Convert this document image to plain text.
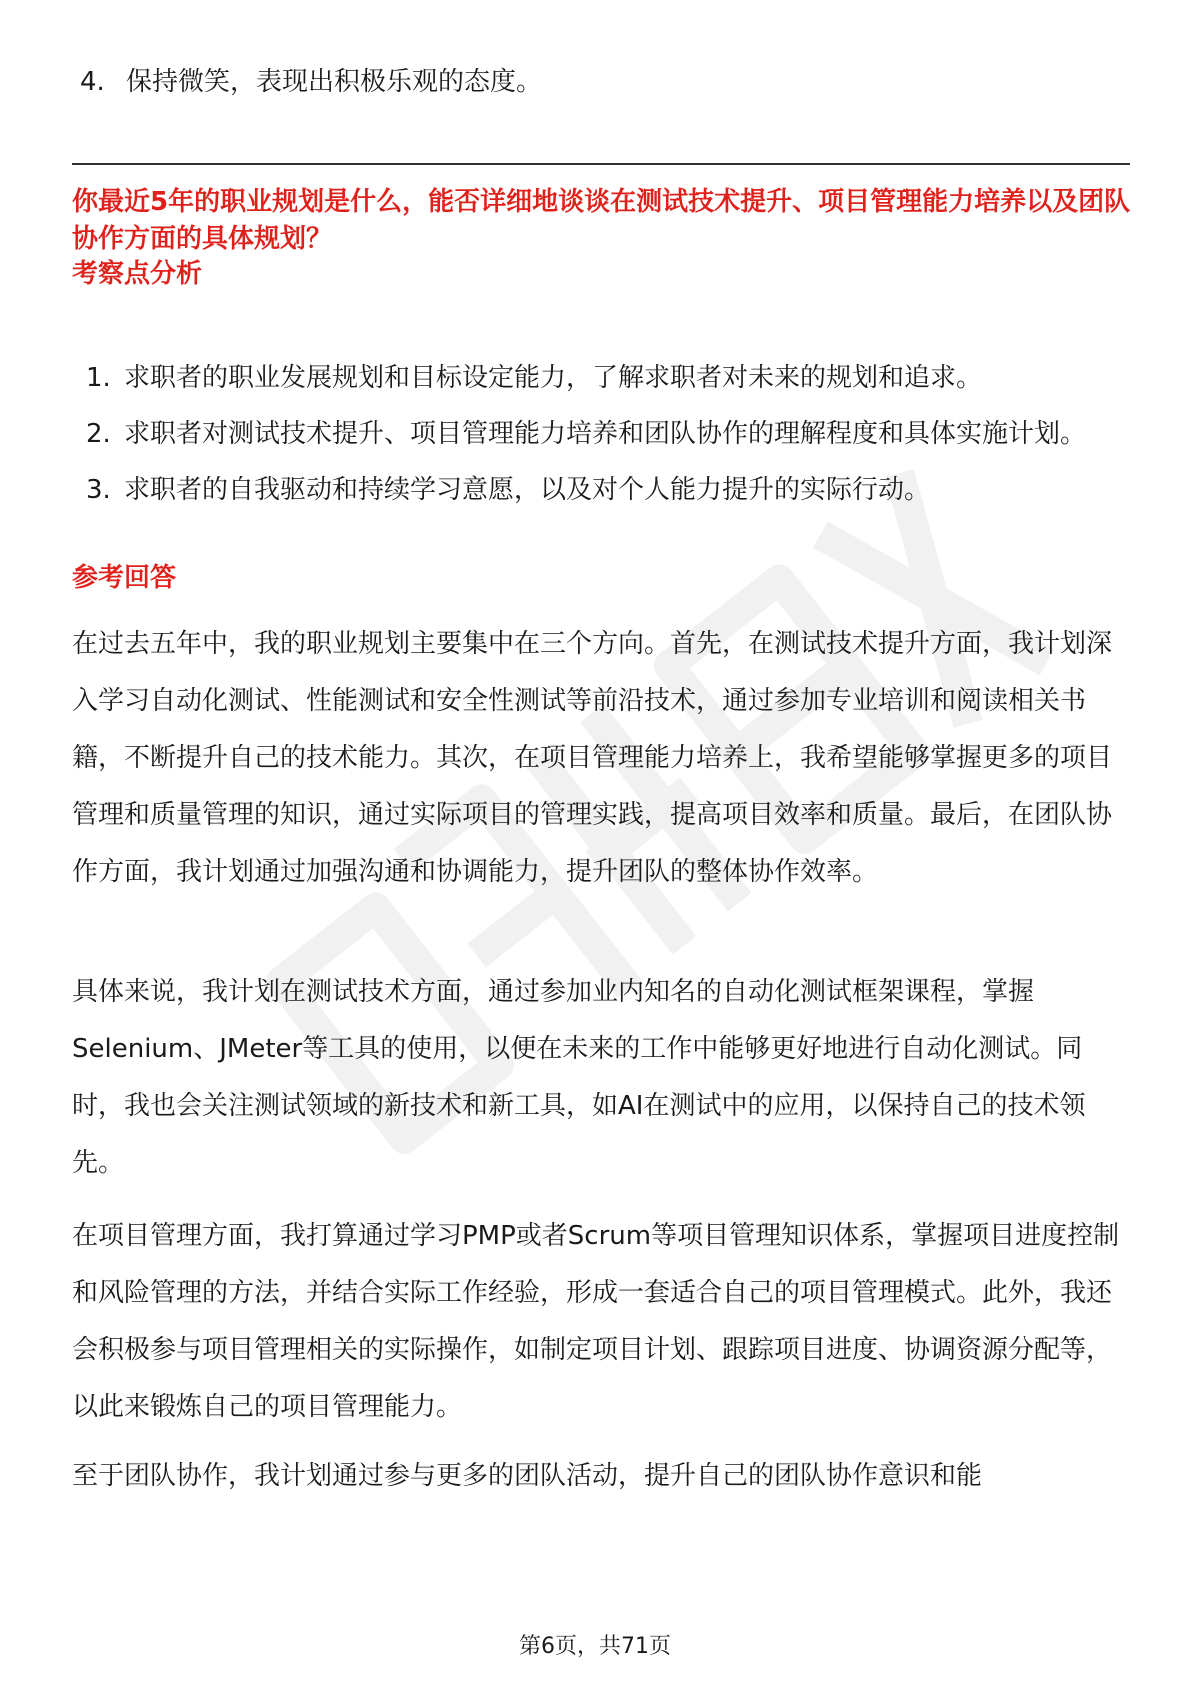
4. 保持微笑，表现出积极乐观的态度。
你最近5年的职业规划是什么，能否详细地谈谈在测试技术提升、项目管理能力培养以及团队协作方面的具体规划？
考察点分析
1. 求职者的职业发展规划和目标设定能力，了解求职者对未来的规划和追求。
2. 求职者对测试技术提升、项目管理能力培养和团队协作的理解程度和具体实施计划。
3. 求职者的自我驱动和持续学习意愿，以及对个人能力提升的实际行动。
参考回答

在过去五年中，我的职业规划主要集中在三个方向。首先，在测试技术提升方面，我计划深入学习自动化测试、性能测试和安全性测试等前沿技术，通过参加专业培训和阅读相关书籍，不断提升自己的技术能力。其次，在项目管理能力培养上，我希望能够掌握更多的项目管理和质量管理的知识，通过实际项目的管理实践，提高项目效率和质量。最后，在团队协作方面，我计划通过加强沟通和协调能力，提升团队的整体协作效率。

具体来说，我计划在测试技术方面，通过参加业内知名的自动化测试框架课程，掌握Selenium、JMeter等工具的使用，以便在未来的工作中能够更好地进行自动化测试。同时，我也会关注测试领域的新技术和新工具，如AI在测试中的应用，以保持自己的技术领先。

在项目管理方面，我打算通过学习PMP或者Scrum等项目管理知识体系，掌握项目进度控制和风险管理的方法，并结合实际工作经验，形成一套适合自己的项目管理模式。此外，我还会积极参与项目管理相关的实际操作，如制定项目计划、跟踪项目进度、协调资源分配等，以此来锻炼自己的项目管理能力。

至于团队协作，我计划通过参与更多的团队活动，提升自己的团队协作意识和能

第6页，共71页
